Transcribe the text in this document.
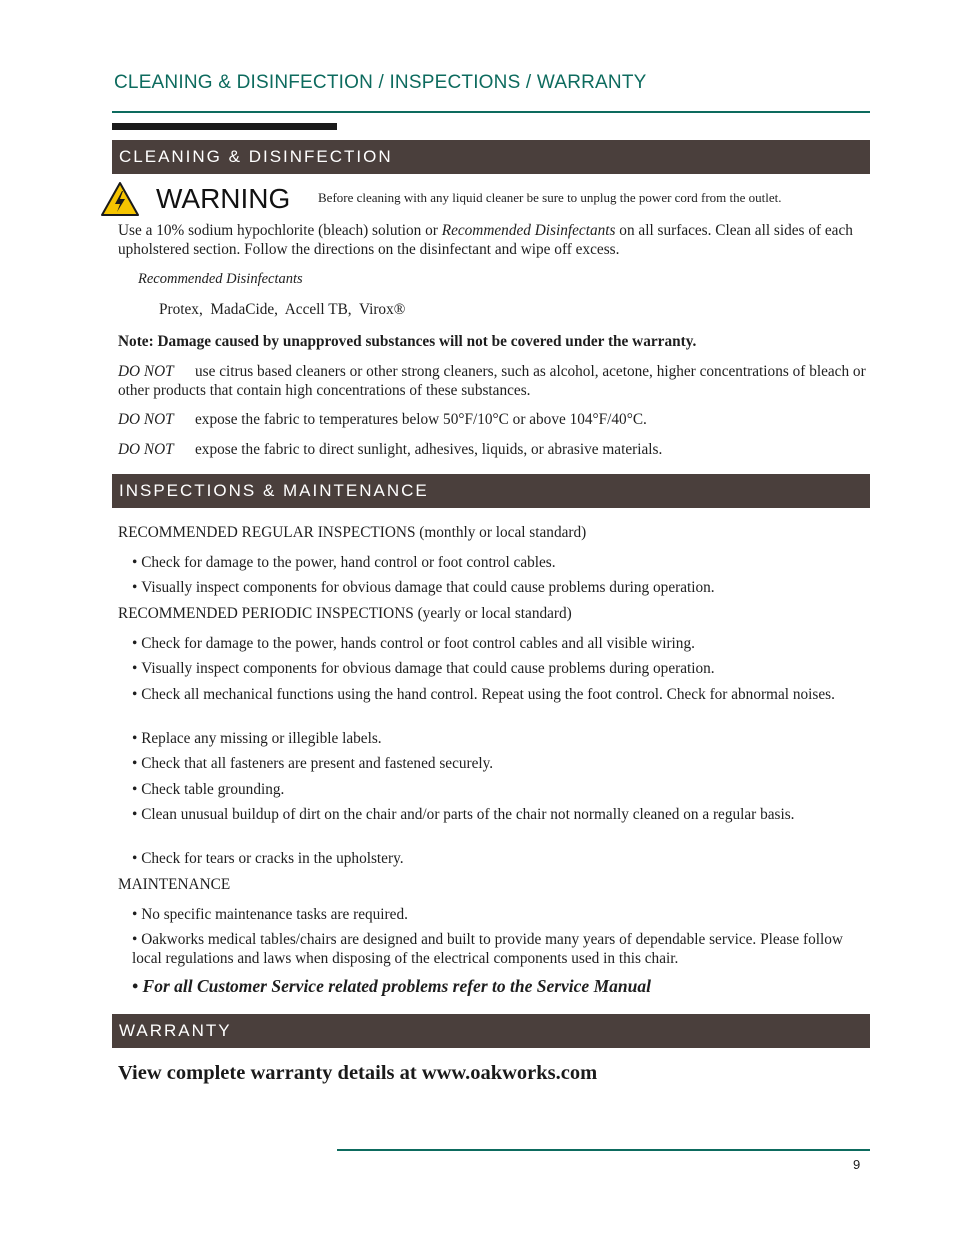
CLEANING & DISINFECTION / INSPECTIONS / WARRANTY
CLEANING & DISINFECTION
WARNING Before cleaning with any liquid cleaner be sure to unplug the power cord from the outlet.
Use a 10% sodium hypochlorite (bleach) solution or Recommended Disinfectants on all surfaces. Clean all sides of each upholstered section. Follow the directions on the disinfectant and wipe off excess.
Recommended Disinfectants
Protex,  MadaCide,  Accell TB,  Virox®
Note: Damage caused by unapproved substances will not be covered under the warranty.
DO NOT use citrus based cleaners or other strong cleaners, such as alcohol, acetone, higher concentrations of bleach or other products that contain high concentrations of these substances.
DO NOT expose the fabric to temperatures below 50°F/10°C or above 104°F/40°C.
DO NOT expose the fabric to direct sunlight, adhesives, liquids, or abrasive materials.
INSPECTIONS & MAINTENANCE
RECOMMENDED REGULAR INSPECTIONS (monthly or local standard)
• Check for damage to the power, hand control or foot control cables.
• Visually inspect components for obvious damage that could cause problems during operation.
RECOMMENDED PERIODIC INSPECTIONS (yearly or local standard)
• Check for damage to the power, hands control or foot control cables and all visible wiring.
• Visually inspect components for obvious damage that could cause problems during operation.
• Check all mechanical functions using the hand control. Repeat using the foot control. Check for abnormal noises.
• Replace any missing or illegible labels.
• Check that all fasteners are present and fastened securely.
• Check table grounding.
• Clean unusual buildup of dirt on the chair and/or parts of the chair not normally cleaned on a regular basis.
• Check for tears or cracks in the upholstery.
MAINTENANCE
• No specific maintenance tasks are required.
• Oakworks medical tables/chairs are designed and built to provide many years of dependable service. Please follow local regulations and laws when disposing of the electrical components used in this chair.
• For all Customer Service related problems refer to the Service Manual
WARRANTY
View complete warranty details at www.oakworks.com
9
